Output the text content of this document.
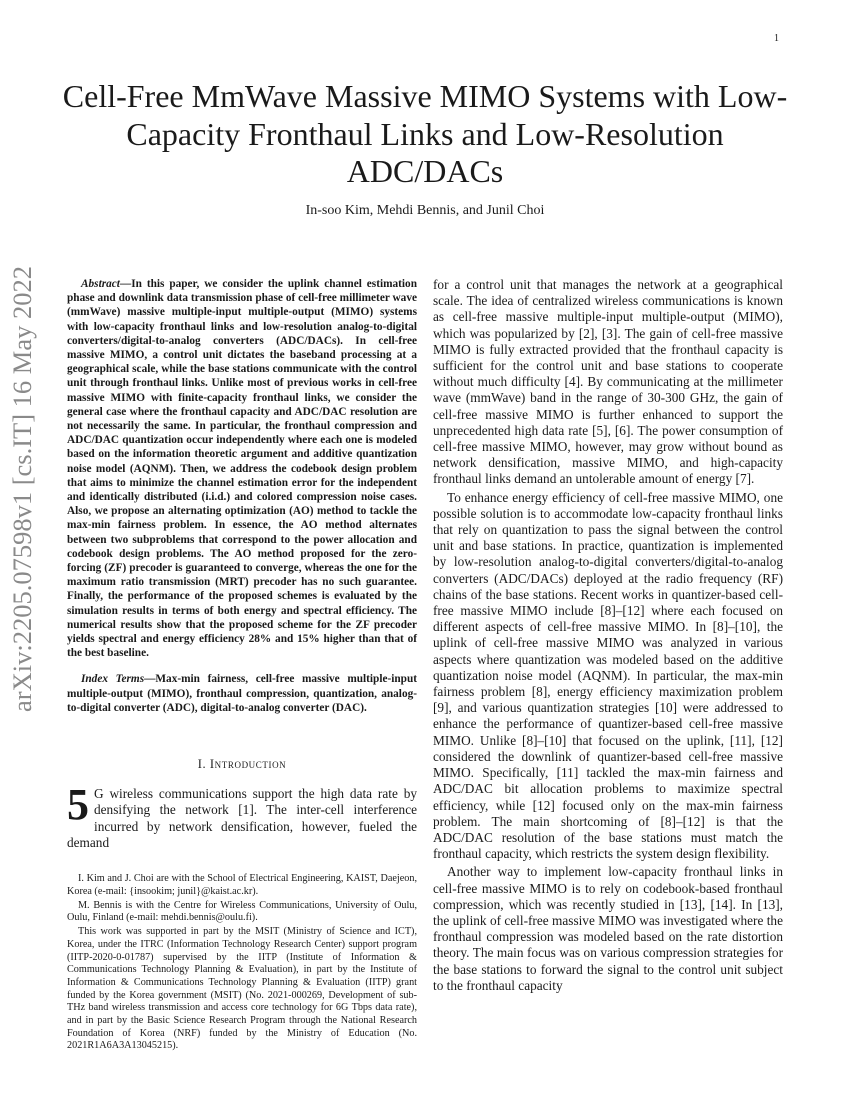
1
arXiv:2205.07598v1 [cs.IT] 16 May 2022
Cell-Free MmWave Massive MIMO Systems with Low-Capacity Fronthaul Links and Low-Resolution ADC/DACs
In-soo Kim, Mehdi Bennis, and Junil Choi

Abstract—In this paper, we consider the uplink channel estimation phase and downlink data transmission phase of cell-free millimeter wave (mmWave) massive multiple-input multiple-output (MIMO) systems with low-capacity fronthaul links and low-resolution analog-to-digital converters/digital-to-analog converters (ADC/DACs). In cell-free massive MIMO, a control unit dictates the baseband processing at a geographical scale, while the base stations communicate with the control unit through fronthaul links. Unlike most of previous works in cell-free massive MIMO with finite-capacity fronthaul links, we consider the general case where the fronthaul capacity and ADC/DAC resolution are not necessarily the same. In particular, the fronthaul compression and ADC/DAC quantization occur independently where each one is modeled based on the information theoretic argument and additive quantization noise model (AQNM). Then, we address the codebook design problem that aims to minimize the channel estimation error for the independent and identically distributed (i.i.d.) and colored compression noise cases. Also, we propose an alternating optimization (AO) method to tackle the max-min fairness problem. In essence, the AO method alternates between two subproblems that correspond to the power allocation and codebook design problems. The AO method proposed for the zero-forcing (ZF) precoder is guaranteed to converge, whereas the one for the maximum ratio transmission (MRT) precoder has no such guarantee. Finally, the performance of the proposed schemes is evaluated by the simulation results in terms of both energy and spectral efficiency. The numerical results show that the proposed scheme for the ZF precoder yields spectral and energy efficiency 28% and 15% higher than that of the best baseline.

Index Terms—Max-min fairness, cell-free massive multiple-input multiple-output (MIMO), fronthaul compression, quantization, analog-to-digital converter (ADC), digital-to-analog converter (DAC).

I. Introduction

5 G wireless communications support the high data rate by densifying the network [1]. The inter-cell interference incurred by network densification, however, fueled the demand

I. Kim and J. Choi are with the School of Electrical Engineering, KAIST, Daejeon, Korea (e-mail: {insookim; junil}@kaist.ac.kr).

M. Bennis is with the Centre for Wireless Communications, University of Oulu, Oulu, Finland (e-mail: mehdi.bennis@oulu.fi).

This work was supported in part by the MSIT (Ministry of Science and ICT), Korea, under the ITRC (Information Technology Research Center) support program (IITP-2020-0-01787) supervised by the IITP (Institute of Information & Communications Technology Planning & Evaluation), in part by the Institute of Information & Communications Technology Planning & Evaluation (IITP) grant funded by the Korea government (MSIT) (No. 2021-000269, Development of sub-THz band wireless transmission and access core technology for 6G Tbps data rate), and in part by the Basic Science Research Program through the National Research Foundation of Korea (NRF) funded by the Ministry of Education (No. 2021R1A6A3A13045215).

for a control unit that manages the network at a geographical scale. The idea of centralized wireless communications is known as cell-free massive multiple-input multiple-output (MIMO), which was popularized by [2], [3]. The gain of cell-free massive MIMO is fully extracted provided that the fronthaul capacity is sufficient for the control unit and base stations to cooperate without much difficulty [4]. By communicating at the millimeter wave (mmWave) band in the range of 30-300 GHz, the gain of cell-free massive MIMO is further enhanced to support the unprecedented high data rate [5], [6]. The power consumption of cell-free massive MIMO, however, may grow without bound as network densification, massive MIMO, and high-capacity fronthaul links demand an untolerable amount of energy [7].

To enhance energy efficiency of cell-free massive MIMO, one possible solution is to accommodate low-capacity fronthaul links that rely on quantization to pass the signal between the control unit and base stations. In practice, quantization is implemented by low-resolution analog-to-digital converters/digital-to-analog converters (ADC/DACs) deployed at the radio frequency (RF) chains of the base stations. Recent works in quantizer-based cell-free massive MIMO include [8]–[12] where each focused on different aspects of cell-free massive MIMO. In [8]–[10], the uplink of cell-free massive MIMO was analyzed in various aspects where quantization was modeled based on the additive quantization noise model (AQNM). In particular, the max-min fairness problem [8], energy efficiency maximization problem [9], and various quantization strategies [10] were addressed to enhance the performance of quantizer-based cell-free massive MIMO. Unlike [8]–[10] that focused on the uplink, [11], [12] considered the downlink of quantizer-based cell-free massive MIMO. Specifically, [11] tackled the max-min fairness and ADC/DAC bit allocation problems to maximize spectral efficiency, while [12] focused only on the max-min fairness problem. The main shortcoming of [8]–[12] is that the ADC/DAC resolution of the base stations must match the fronthaul capacity, which restricts the system design flexibility.

Another way to implement low-capacity fronthaul links in cell-free massive MIMO is to rely on codebook-based fronthaul compression, which was recently studied in [13], [14]. In [13], the uplink of cell-free massive MIMO was investigated where the fronthaul compression was modeled based on the rate distortion theory. The main focus was on various compression strategies for the base stations to forward the signal to the control unit subject to the fronthaul capacity
